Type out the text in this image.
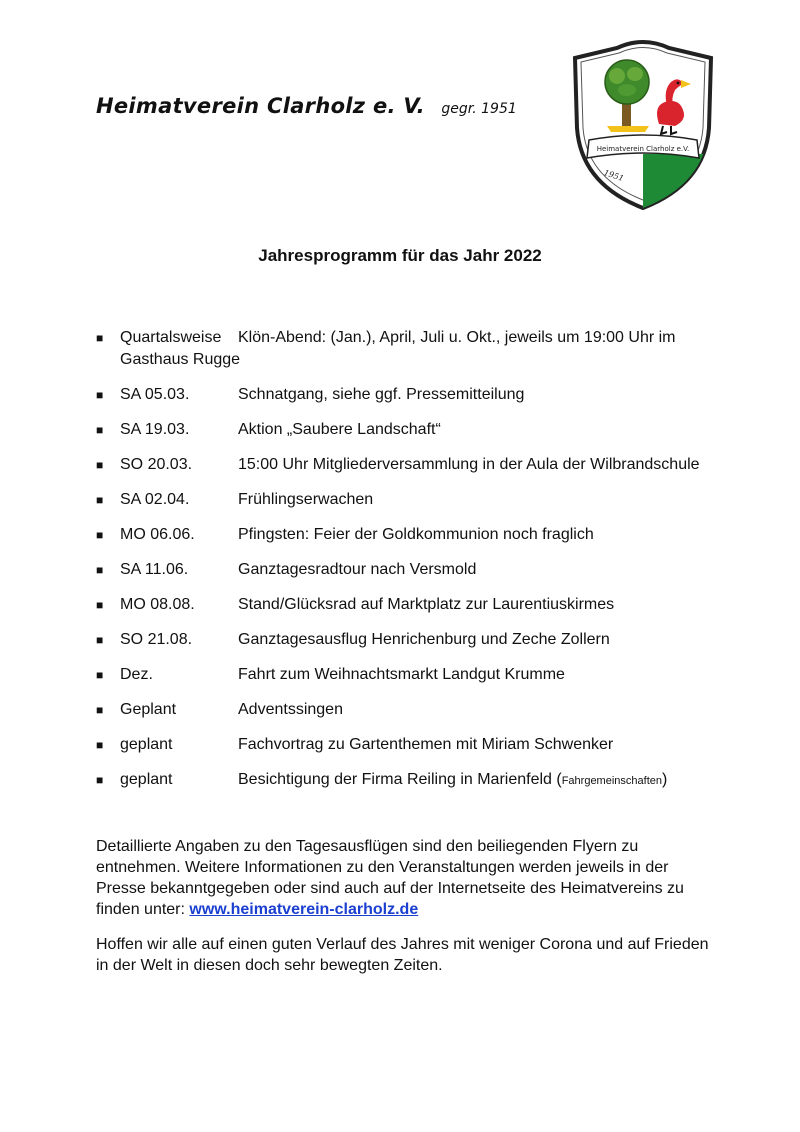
Heimatverein Clarholz e. V. gegr. 1951
Heimatverein Clarholz e.V.
1951
Jahresprogramm für das Jahr 2022
■ Quartalsweise	Klön-Abend: (Jan.), April, Juli u. Okt., jeweils um 19:00 Uhr im Gasthaus Rugge
■ SA 05.03.	Schnatgang, siehe ggf. Pressemitteilung
■ SA 19.03.	Aktion „Saubere Landschaft“
■ SO 20.03.	15:00 Uhr Mitgliederversammlung in der Aula der Wilbrandschule
■ SA 02.04.	Frühlingserwachen
■ MO 06.06.	Pfingsten: Feier der Goldkommunion noch fraglich
■ SA 11.06.	Ganztagesradtour nach Versmold
■ MO 08.08.	Stand/Glücksrad auf Marktplatz zur Laurentiuskirmes
■ SO 21.08.	Ganztagesausflug Henrichenburg und Zeche Zollern
■ Dez.	Fahrt zum Weihnachtsmarkt Landgut Krumme
■ Geplant	Adventssingen
■ geplant	Fachvortrag zu Gartenthemen mit Miriam Schwenker
■ geplant	Besichtigung der Firma Reiling in Marienfeld (Fahrgemeinschaften)

Detaillierte Angaben zu den Tagesausflügen sind den beiliegenden Flyern zu entnehmen. Weitere Informationen zu den Veranstaltungen werden jeweils in der Presse bekanntgegeben oder sind auch auf der Internetseite des Heimatvereins zu finden unter: www.heimatverein-clarholz.de

Hoffen wir alle auf einen guten Verlauf des Jahres mit weniger Corona und auf Frieden in der Welt in diesen doch sehr bewegten Zeiten.
